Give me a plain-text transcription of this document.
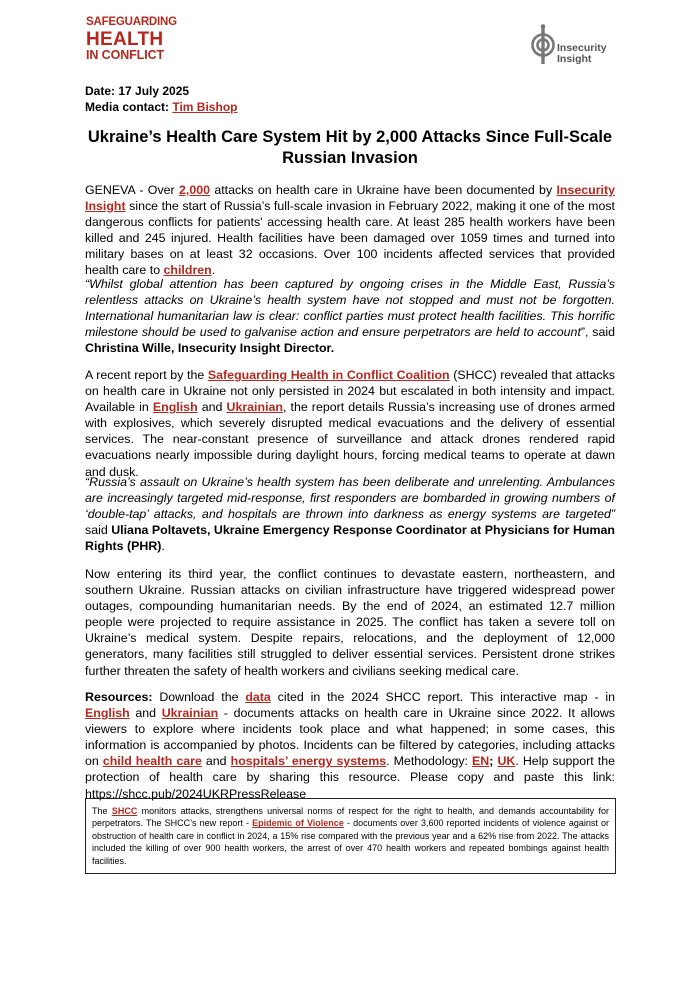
SAFEGUARDING
HEALTH
IN CONFLICT	Insecurity
Insight
Date: 17 July 2025
Media contact: Tim Bishop
Ukraine’s Health Care System Hit by 2,000 Attacks Since Full-Scale Russian Invasion

GENEVA - Over 2,000 attacks on health care in Ukraine have been documented by Insecurity Insight since the start of Russia’s full-scale invasion in February 2022, making it one of the most dangerous conflicts for patients' accessing health care. At least 285 health workers have been killed and 245 injured. Health facilities have been damaged over 1059 times and turned into military bases on at least 32 occasions. Over 100 incidents affected services that provided health care to children.

“Whilst global attention has been captured by ongoing crises in the Middle East, Russia’s relentless attacks on Ukraine’s health system have not stopped and must not be forgotten. International humanitarian law is clear: conflict parties must protect health facilities. This horrific milestone should be used to galvanise action and ensure perpetrators are held to account”, said Christina Wille, Insecurity Insight Director.

A recent report by the Safeguarding Health in Conflict Coalition (SHCC) revealed that attacks on health care in Ukraine not only persisted in 2024 but escalated in both intensity and impact. Available in English and Ukrainian, the report details Russia’s increasing use of drones armed with explosives, which severely disrupted medical evacuations and the delivery of essential services. The near-constant presence of surveillance and attack drones rendered rapid evacuations nearly impossible during daylight hours, forcing medical teams to operate at dawn and dusk.

“Russia’s assault on Ukraine’s health system has been deliberate and unrelenting. Ambulances are increasingly targeted mid-response, first responders are bombarded in growing numbers of ‘double-tap’ attacks, and hospitals are thrown into darkness as energy systems are targeted” said Uliana Poltavets, Ukraine Emergency Response Coordinator at Physicians for Human Rights (PHR).

Now entering its third year, the conflict continues to devastate eastern, northeastern, and southern Ukraine. Russian attacks on civilian infrastructure have triggered widespread power outages, compounding humanitarian needs. By the end of 2024, an estimated 12.7 million people were projected to require assistance in 2025. The conflict has taken a severe toll on Ukraine’s medical system. Despite repairs, relocations, and the deployment of 12,000 generators, many facilities still struggled to deliver essential services. Persistent drone strikes further threaten the safety of health workers and civilians seeking medical care.

Resources: Download the data cited in the 2024 SHCC report. This interactive map - in English and Ukrainian - documents attacks on health care in Ukraine since 2022. It allows viewers to explore where incidents took place and what happened; in some cases, this information is accompanied by photos. Incidents can be filtered by categories, including attacks on child health care and hospitals’ energy systems. Methodology: EN; UK. Help support the protection of health care by sharing this resource. Please copy and paste this link: https://shcc.pub/2024UKRPressRelease

The SHCC monitors attacks, strengthens universal norms of respect for the right to health, and demands accountability for perpetrators. The SHCC’s new report - Epidemic of Violence - documents over 3,600 reported incidents of violence against or obstruction of health care in conflict in 2024, a 15% rise compared with the previous year and a 62% rise from 2022. The attacks included the killing of over 900 health workers, the arrest of over 470 health workers and repeated bombings against health facilities.
